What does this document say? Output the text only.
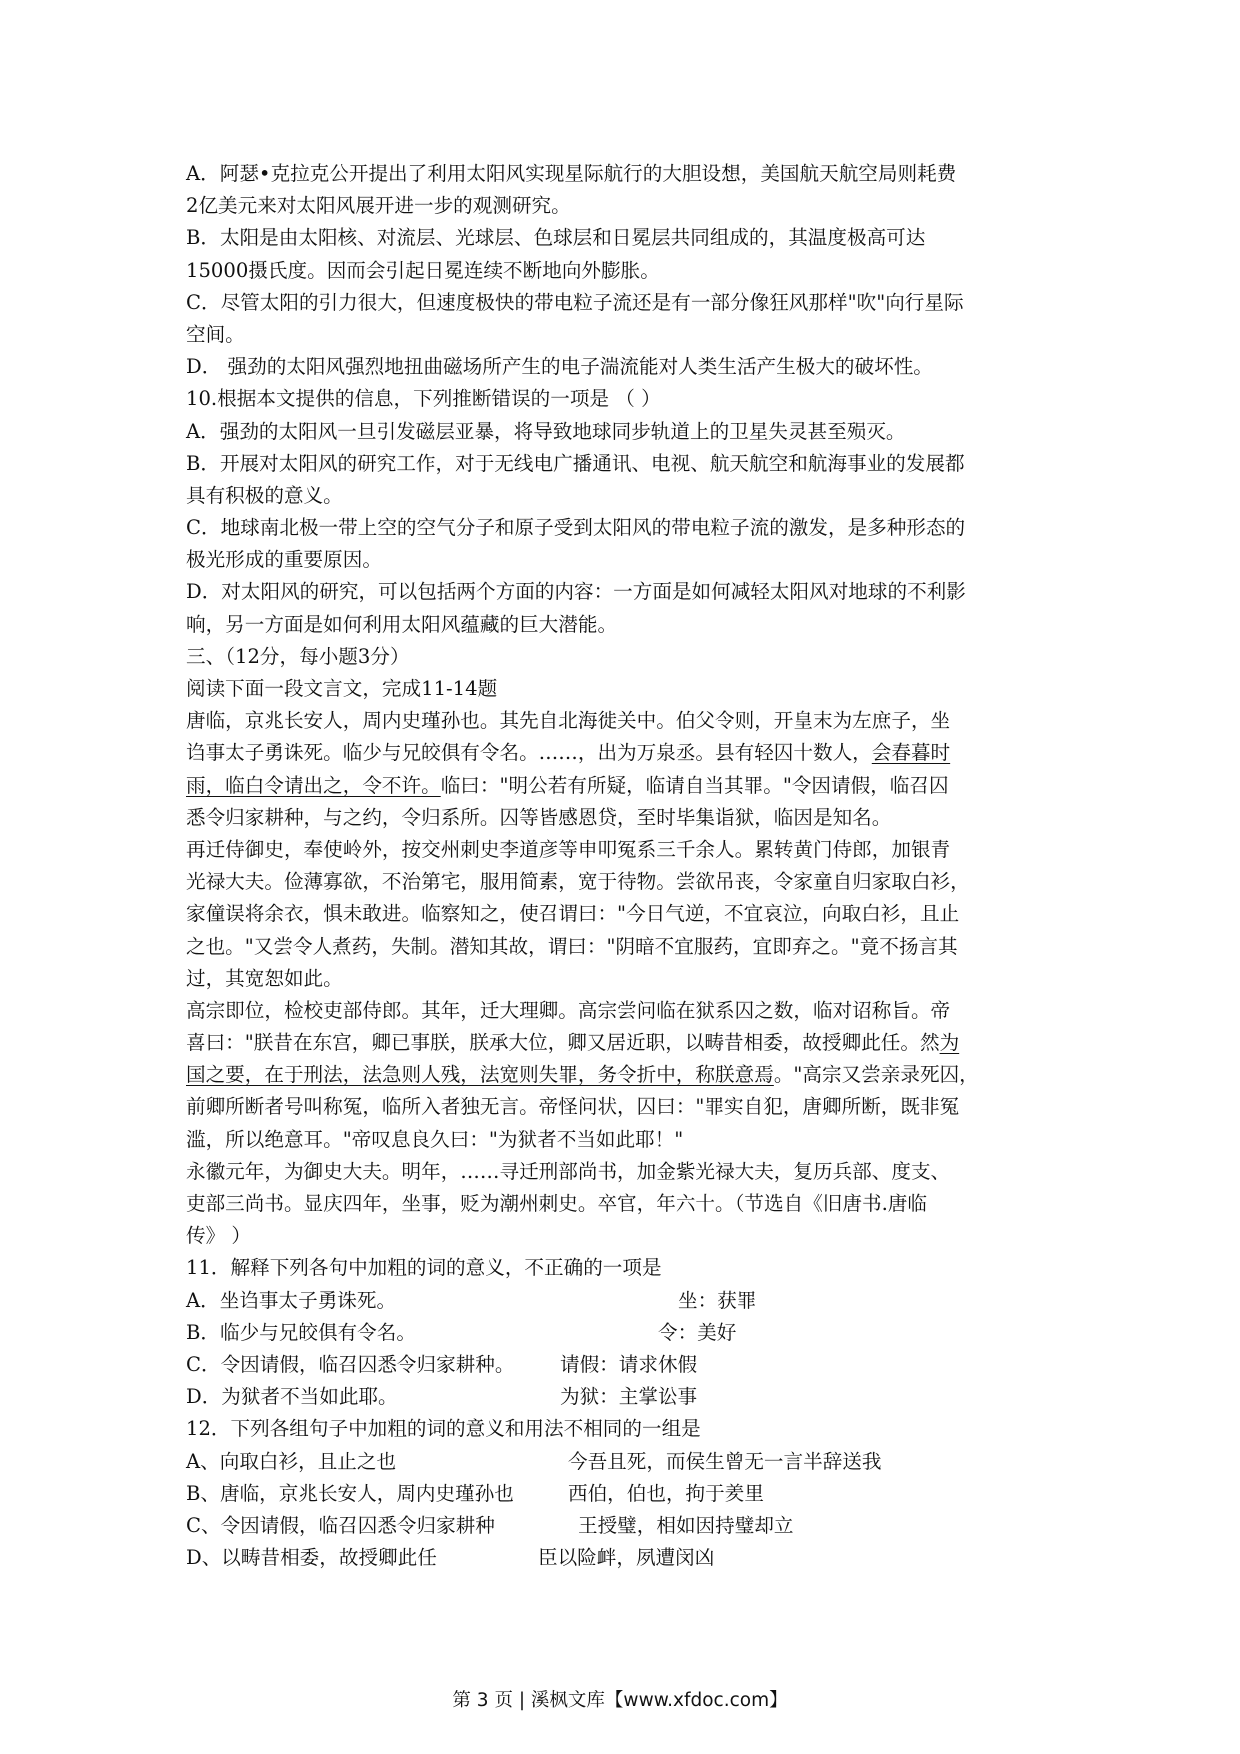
A．阿瑟•克拉克公开提出了利用太阳风实现星际航行的大胆设想，美国航天航空局则耗费
2亿美元来对太阳风展开进一步的观测研究。
B．太阳是由太阳核、对流层、光球层、色球层和日冕层共同组成的，其温度极高可达
15000摄氏度。因而会引起日冕连续不断地向外膨胀。
C．尽管太阳的引力很大，但速度极快的带电粒子流还是有一部分像狂风那样"吹"向行星际
空间。
D． 强劲的太阳风强烈地扭曲磁场所产生的电子湍流能对人类生活产生极大的破坏性。
10.根据本文提供的信息，下列推断错误的一项是 （ ）
A．强劲的太阳风一旦引发磁层亚暴，将导致地球同步轨道上的卫星失灵甚至殒灭。
B．开展对太阳风的研究工作，对于无线电广播通讯、电视、航天航空和航海事业的发展都
具有积极的意义。
C．地球南北极一带上空的空气分子和原子受到太阳风的带电粒子流的激发，是多种形态的
极光形成的重要原因。
D．对太阳风的研究，可以包括两个方面的内容：一方面是如何减轻太阳风对地球的不利影
响，另一方面是如何利用太阳风蕴藏的巨大潜能。
三、（12分，每小题3分）
阅读下面一段文言文，完成11-14题
唐临，京兆长安人，周内史瑾孙也。其先自北海徙关中。伯父令则，开皇末为左庶子，坐
诌事太子勇诛死。临少与兄皎俱有令名。……，出为万泉丞。县有轻囚十数人，会春暮时
雨，临白令请出之，令不许。临曰："明公若有所疑，临请自当其罪。"令因请假，临召囚
悉令归家耕种，与之约，令归系所。囚等皆感恩贷，至时毕集诣狱，临因是知名。
再迁侍御史，奉使岭外，按交州刺史李道彦等申叩冤系三千余人。累转黄门侍郎，加银青
光禄大夫。俭薄寡欲，不治第宅，服用简素，宽于待物。尝欲吊丧，令家童自归家取白衫，
家僮误将余衣，惧未敢进。临察知之，使召谓曰："今日气逆，不宜哀泣，向取白衫，且止
之也。"又尝令人煮药，失制。潜知其故，谓曰："阴暗不宜服药，宜即弃之。"竟不扬言其
过，其宽恕如此。
高宗即位，检校吏部侍郎。其年，迁大理卿。高宗尝问临在狱系囚之数，临对诏称旨。帝
喜曰："朕昔在东宫，卿已事朕，朕承大位，卿又居近职，以畴昔相委，故授卿此任。然为
国之要，在于刑法，法急则人残，法宽则失罪，务令折中，称朕意焉。"高宗又尝亲录死囚，
前卿所断者号叫称冤，临所入者独无言。帝怪问状，囚曰："罪实自犯，唐卿所断，既非冤
滥，所以绝意耳。"帝叹息良久曰："为狱者不当如此耶！"
永徽元年，为御史大夫。明年，……寻迁刑部尚书，加金紫光禄大夫，复历兵部、度支、
吏部三尚书。显庆四年，坐事，贬为潮州刺史。卒官，年六十。（节选自《旧唐书.唐临
传》 ）
11．解释下列各句中加粗的词的意义，不正确的一项是
A．坐诌事太子勇诛死。	坐：获罪
B．临少与兄皎俱有令名。	令：美好
C．令因请假，临召囚悉令归家耕种。 请假：请求休假
D．为狱者不当如此耶。	为狱：主掌讼事
12．下列各组句子中加粗的词的意义和用法不相同的一组是
A、向取白衫，且止之也	今吾且死，而侯生曾无一言半辞送我
B、唐临，京兆长安人，周内史瑾孙也	西伯，伯也，拘于羑里
C、令因请假，临召囚悉令归家耕种	王授璧，相如因持璧却立
D、以畴昔相委，故授卿此任	臣以险衅，夙遭闵凶
第 3 页 | 溪枫文库【www.xfdoc.com】
